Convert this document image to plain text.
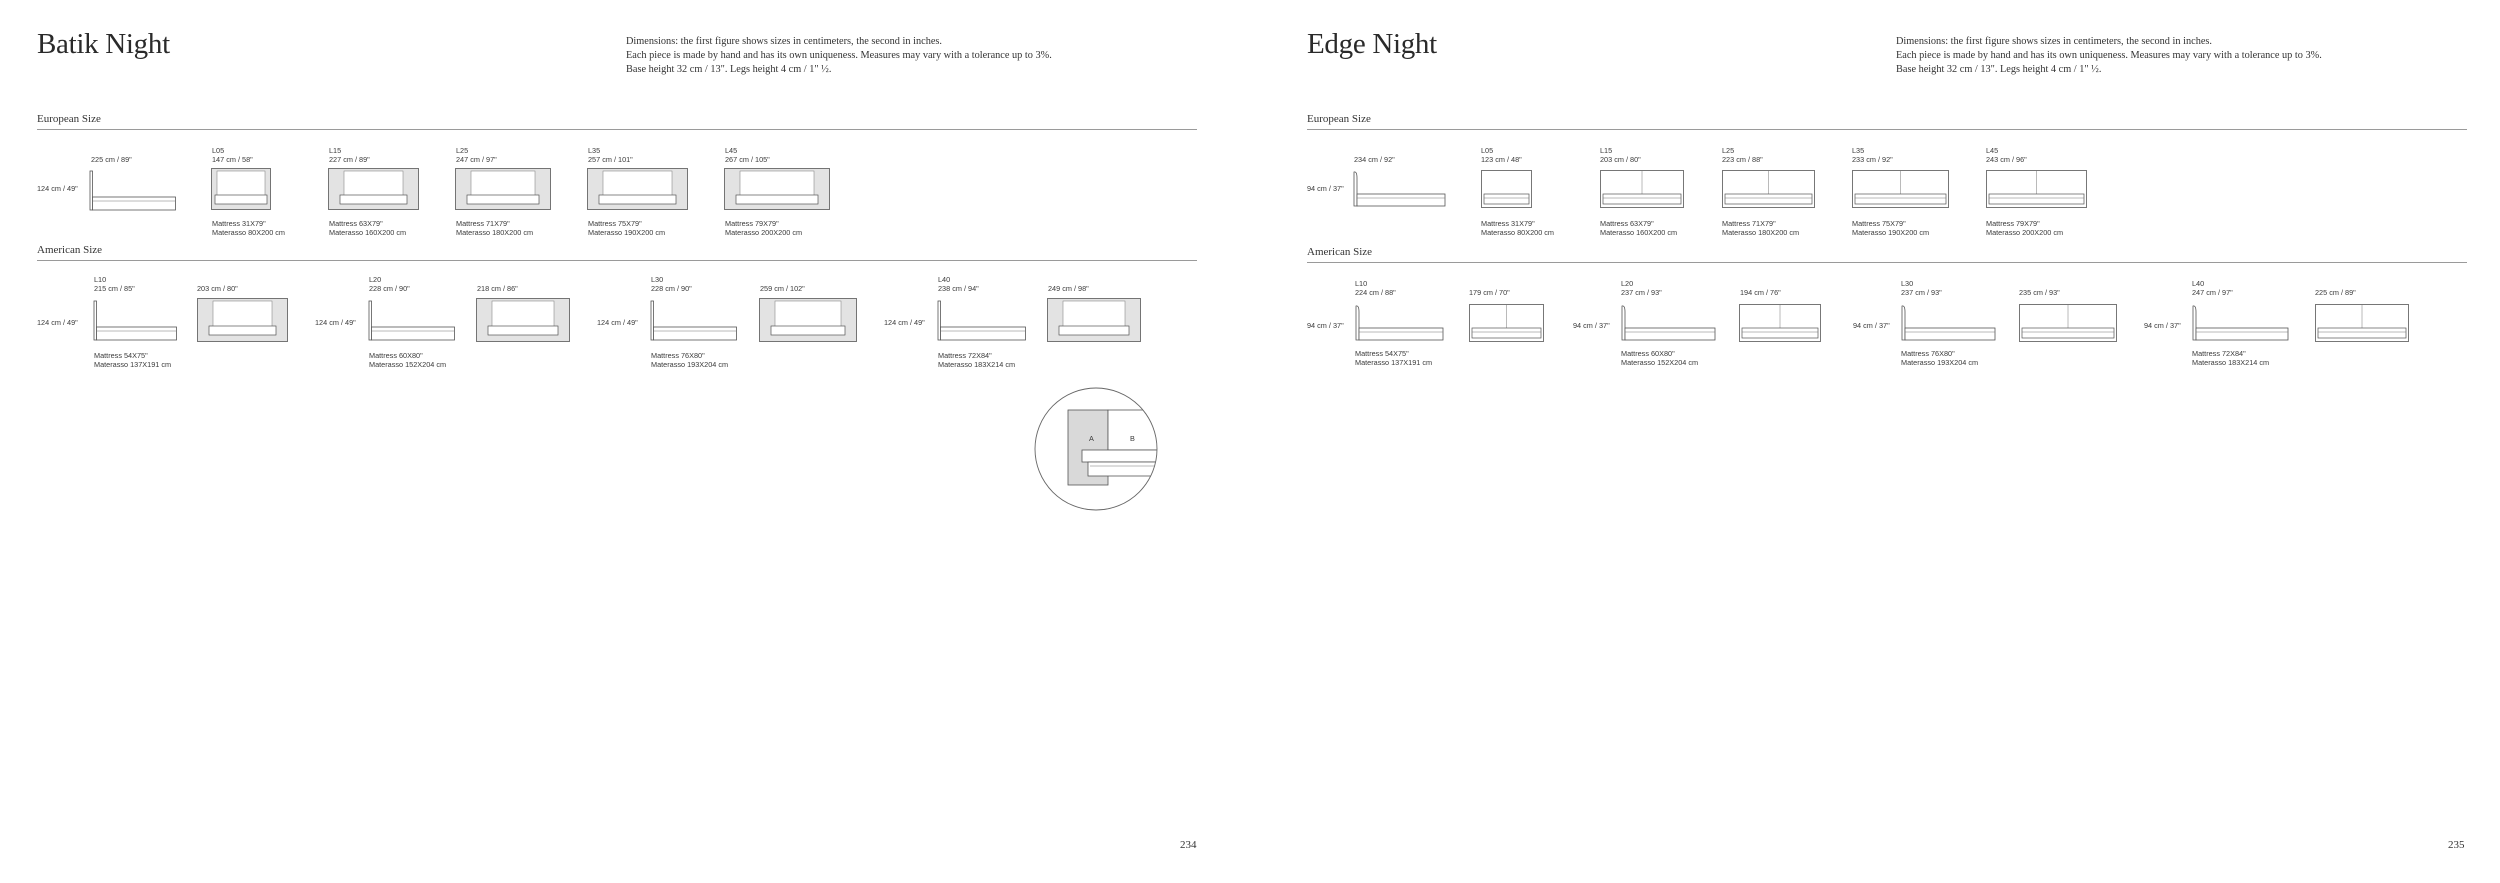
Batik Night	Dimensions: the first figure shows sizes in centimeters, the second in inches.
Each piece is made by hand and has its own uniqueness. Measures may vary with a tolerance up to 3%.
Base height 32 cm / 13". Legs height 4 cm / 1" ½.
European Size
225 cm / 89"
124 cm / 49"
L05
147 cm / 58"
Mattress 31X79"
Materasso 80X200 cm
L15
227 cm / 89"
Mattress 63X79"
Materasso 160X200 cm
L25
247 cm / 97"
Mattress 71X79"
Materasso 180X200 cm
L35
257 cm / 101"
Mattress 75X79"
Materasso 190X200 cm
L45
267 cm / 105"
Mattress 79X79"
Materasso 200X200 cm
American Size
L10
215 cm / 85"
124 cm / 49"
203 cm / 80"
Mattress 54X75"
Materasso 137X191 cm
L20
228 cm / 90"
124 cm / 49"
218 cm / 86"
Mattress 60X80"
Materasso 152X204 cm
L30
228 cm / 90"
124 cm / 49"
259 cm / 102"
Mattress 76X80"
Materasso 193X204 cm
L40
238 cm / 94"
124 cm / 49"
249 cm / 98"
Mattress 72X84"
Materasso 183X214 cm
A	B
234
Edge Night	Dimensions: the first figure shows sizes in centimeters, the second in inches.
Each piece is made by hand and has its own uniqueness. Measures may vary with a tolerance up to 3%.
Base height 32 cm / 13". Legs height 4 cm / 1" ½.
European Size
234 cm / 92"
94 cm / 37"
L05
123 cm / 48"
Mattress 31X79"
Materasso 80X200 cm
L15
203 cm / 80"
Mattress 63X79"
Materasso 160X200 cm
L25
223 cm / 88"
Mattress 71X79"
Materasso 180X200 cm
L35
233 cm / 92"
Mattress 75X79"
Materasso 190X200 cm
L45
243 cm / 96"
Mattress 79X79"
Materasso 200X200 cm
American Size
L10
224 cm / 88"
94 cm / 37"
179 cm / 70"
Mattress 54X75"
Materasso 137X191 cm
L20
237 cm / 93"
94 cm / 37"
194 cm / 76"
Mattress 60X80"
Materasso 152X204 cm
L30
237 cm / 93"
94 cm / 37"
235 cm / 93"
Mattress 76X80"
Materasso 193X204 cm
L40
247 cm / 97"
94 cm / 37"
225 cm / 89"
Mattress 72X84"
Materasso 183X214 cm
235
